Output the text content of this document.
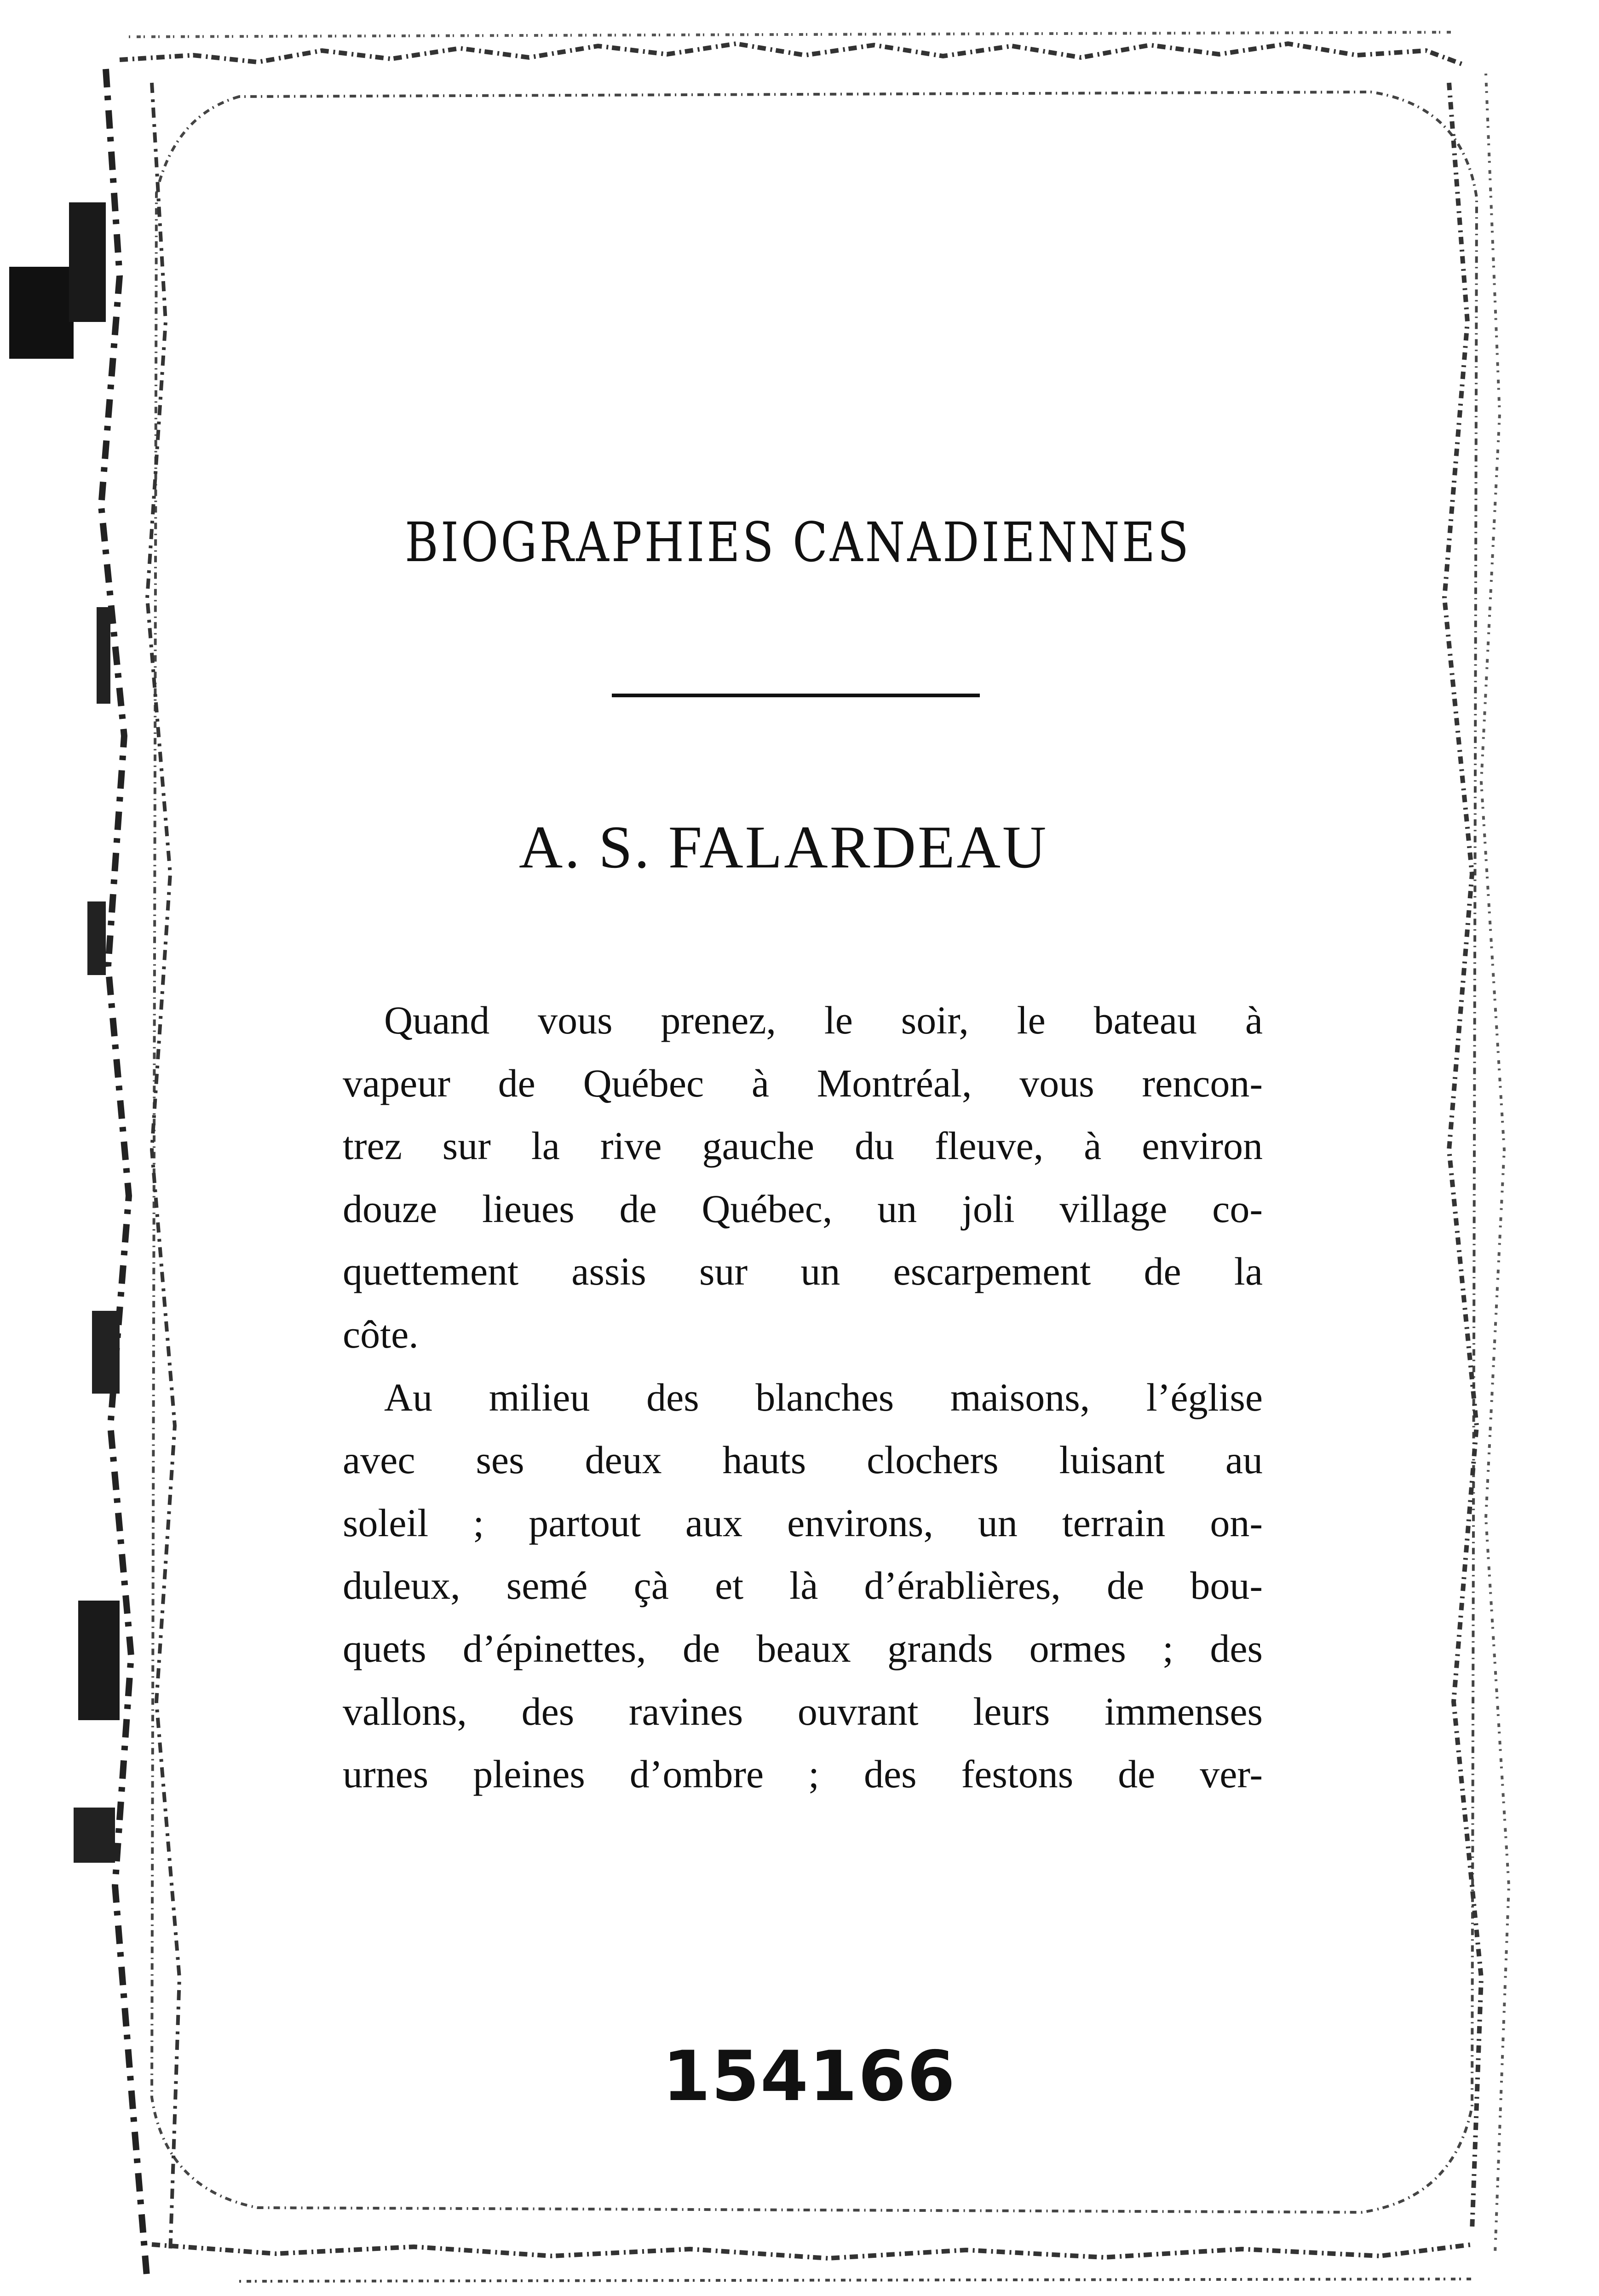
BIOGRAPHIES CANADIENNES
A. S. FALARDEAU
Quand vous prenez, le soir, le bateau à
vapeur de Québec à Montréal, vous rencon-
trez sur la rive gauche du fleuve, à environ
douze lieues de Québec, un joli village co-
quettement assis sur un escarpement de la
côte.
Au milieu des blanches maisons, l’église
avec ses deux hauts clochers luisant au
soleil ; partout aux environs, un terrain on-
duleux, semé çà et là d’érablières, de bou-
quets d’épinettes, de beaux grands ormes ; des
vallons, des ravines ouvrant leurs immenses
urnes pleines d’ombre ; des festons de ver-
154166
